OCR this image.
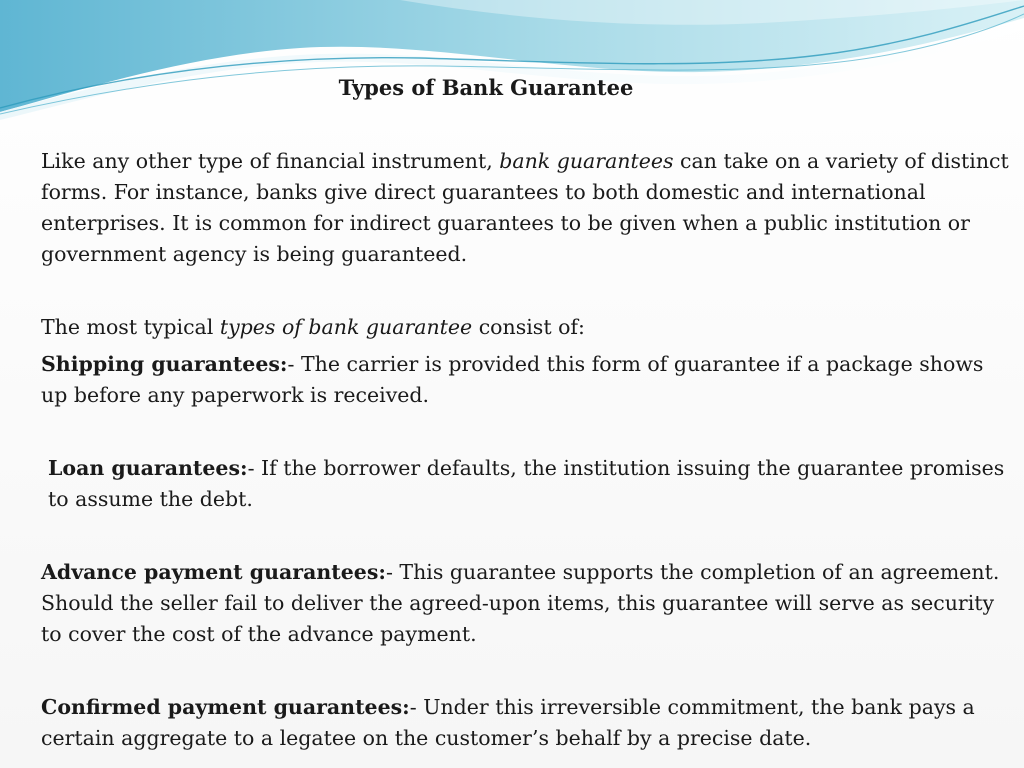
Types of Bank Guarantee

Like any other type of financial instrument, bank guarantees can take on a variety of distinct forms. For instance, banks give direct guarantees to both domestic and international enterprises. It is common for indirect guarantees to be given when a public institution or government agency is being guaranteed.

The most typical types of bank guarantee consist of:

Shipping guarantees:- The carrier is provided this form of guarantee if a package shows up before any paperwork is received.

Loan guarantees:- If the borrower defaults, the institution issuing the guarantee promises to assume the debt.

Advance payment guarantees:- This guarantee supports the completion of an agreement. Should the seller fail to deliver the agreed-upon items, this guarantee will serve as security to cover the cost of the advance payment.

Confirmed payment guarantees:- Under this irreversible commitment, the bank pays a certain aggregate to a legatee on the customer’s behalf by a precise date.
